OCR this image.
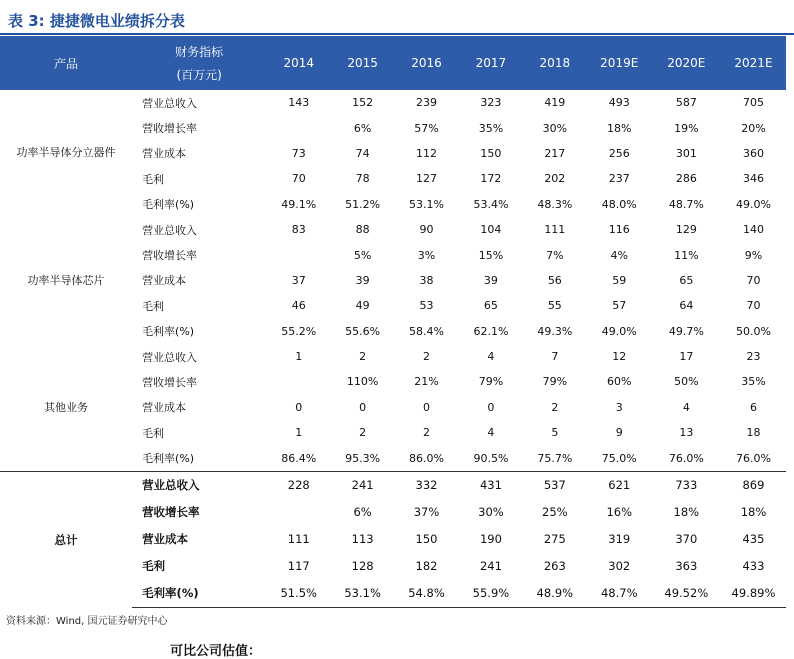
表 3: 捷捷微电业绩拆分表
产品	财务指标
(百万元)	2014	2015	2016	2017	2018	2019E	2020E	2021E
功率半导体分立器件	营业总收入	143	152	239	323	419	493	587	705
	营收增长率		6%	57%	35%	30%	18%	19%	20%
	营业成本	73	74	112	150	217	256	301	360
	毛利	70	78	127	172	202	237	286	346
	毛利率(%)	49.1%	51.2%	53.1%	53.4%	48.3%	48.0%	48.7%	49.0%
功率半导体芯片	营业总收入	83	88	90	104	111	116	129	140
	营收增长率		5%	3%	15%	7%	4%	11%	9%
	营业成本	37	39	38	39	56	59	65	70
	毛利	46	49	53	65	55	57	64	70
	毛利率(%)	55.2%	55.6%	58.4%	62.1%	49.3%	49.0%	49.7%	50.0%
其他业务	营业总收入	1	2	2	4	7	12	17	23
	营收增长率		110%	21%	79%	79%	60%	50%	35%
	营业成本	0	0	0	0	2	3	4	6
	毛利	1	2	2	4	5	9	13	18
	毛利率(%)	86.4%	95.3%	86.0%	90.5%	75.7%	75.0%	76.0%	76.0%
总计	营业总收入	228	241	332	431	537	621	733	869
	营收增长率		6%	37%	30%	25%	16%	18%	18%
	营业成本	111	113	150	190	275	319	370	435
	毛利	117	128	182	241	263	302	363	433
	毛利率(%)	51.5%	53.1%	54.8%	55.9%	48.9%	48.7%	49.52%	49.89%
资料来源：Wind, 国元证券研究中心
可比公司估值：
